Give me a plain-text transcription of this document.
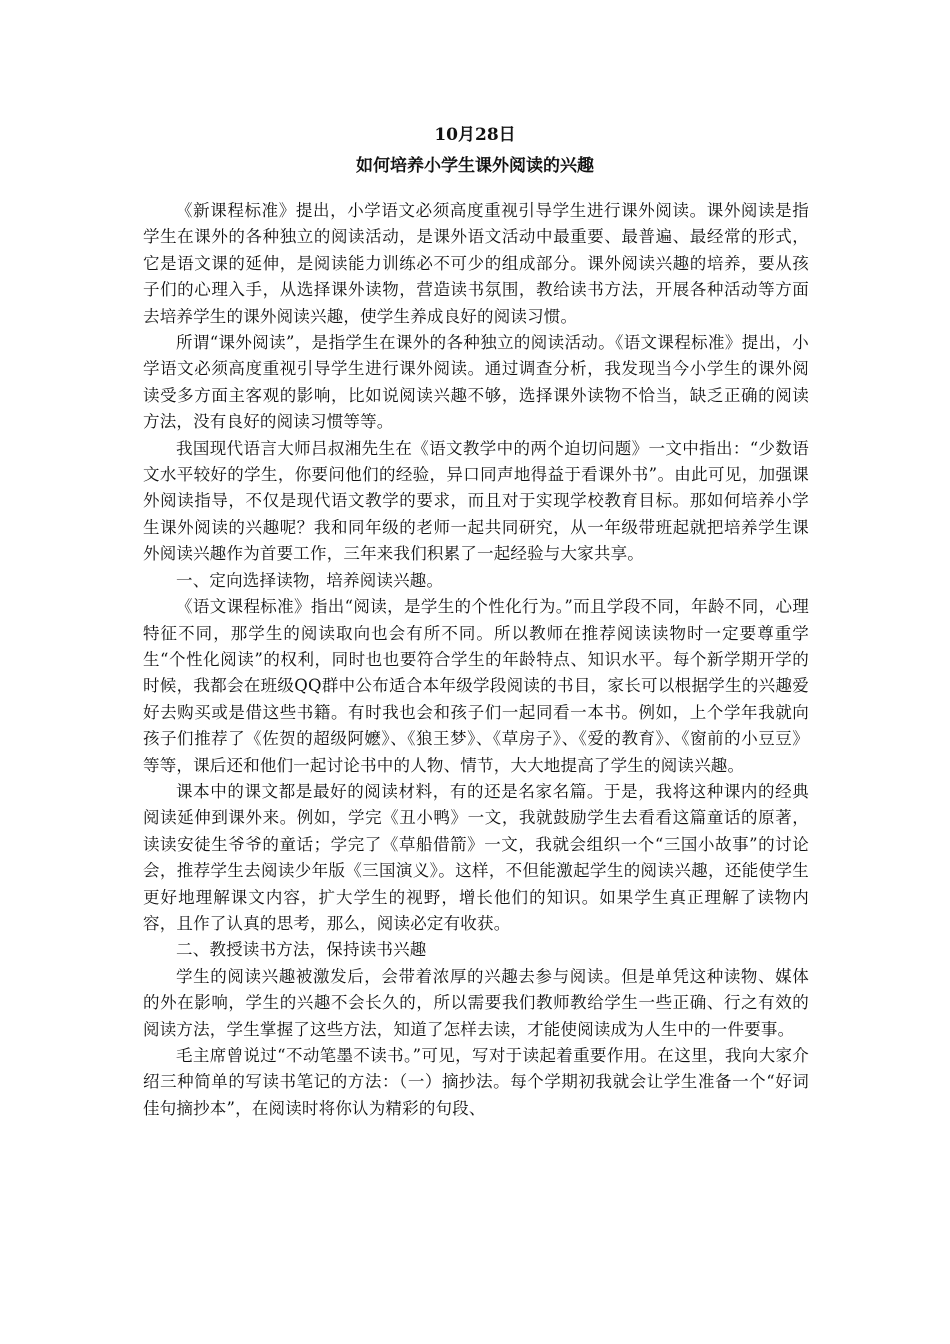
10月28日
如何培养小学生课外阅读的兴趣

《新课程标准》提出，小学语文必须高度重视引导学生进行课外阅读。课外阅读是指学生在课外的各种独立的阅读活动，是课外语文活动中最重要、最普遍、最经常的形式，它是语文课的延伸，是阅读能力训练必不可少的组成部分。课外阅读兴趣的培养，要从孩子们的心理入手，从选择课外读物，营造读书氛围，教给读书方法，开展各种活动等方面去培养学生的课外阅读兴趣，使学生养成良好的阅读习惯。

所谓“课外阅读”，是指学生在课外的各种独立的阅读活动。《语文课程标准》提出，小学语文必须高度重视引导学生进行课外阅读。通过调查分析，我发现当今小学生的课外阅读受多方面主客观的影响，比如说阅读兴趣不够，选择课外读物不恰当，缺乏正确的阅读方法，没有良好的阅读习惯等等。

我国现代语言大师吕叔湘先生在《语文教学中的两个迫切问题》一文中指出：“少数语文水平较好的学生，你要问他们的经验，异口同声地得益于看课外书”。由此可见，加强课外阅读指导，不仅是现代语文教学的要求，而且对于实现学校教育目标。那如何培养小学生课外阅读的兴趣呢？我和同年级的老师一起共同研究，从一年级带班起就把培养学生课外阅读兴趣作为首要工作，三年来我们积累了一起经验与大家共享。

一、定向选择读物，培养阅读兴趣。

《语文课程标准》指出“阅读，是学生的个性化行为。”而且学段不同，年龄不同，心理特征不同，那学生的阅读取向也会有所不同。所以教师在推荐阅读读物时一定要尊重学生“个性化阅读”的权利，同时也也要符合学生的年龄特点、知识水平。每个新学期开学的时候，我都会在班级QQ群中公布适合本年级学段阅读的书目，家长可以根据学生的兴趣爱好去购买或是借这些书籍。有时我也会和孩子们一起同看一本书。例如，上个学年我就向孩子们推荐了《佐贺的超级阿嬷》、《狼王梦》、《草房子》、《爱的教育》、《窗前的小豆豆》等等，课后还和他们一起讨论书中的人物、情节，大大地提高了学生的阅读兴趣。

课本中的课文都是最好的阅读材料，有的还是名家名篇。于是，我将这种课内的经典阅读延伸到课外来。例如，学完《丑小鸭》一文，我就鼓励学生去看看这篇童话的原著，读读安徒生爷爷的童话；学完了《草船借箭》一文，我就会组织一个“三国小故事”的讨论会，推荐学生去阅读少年版《三国演义》。这样，不但能激起学生的阅读兴趣，还能使学生更好地理解课文内容，扩大学生的视野，增长他们的知识。如果学生真正理解了读物内容，且作了认真的思考，那么，阅读必定有收获。

二、教授读书方法，保持读书兴趣

学生的阅读兴趣被激发后，会带着浓厚的兴趣去参与阅读。但是单凭这种读物、媒体的外在影响，学生的兴趣不会长久的，所以需要我们教师教给学生一些正确、行之有效的阅读方法，学生掌握了这些方法，知道了怎样去读，才能使阅读成为人生中的一件要事。

毛主席曾说过“不动笔墨不读书。”可见，写对于读起着重要作用。在这里，我向大家介绍三种简单的写读书笔记的方法：（一）摘抄法。每个学期初我就会让学生准备一个“好词佳句摘抄本”，在阅读时将你认为精彩的句段、
